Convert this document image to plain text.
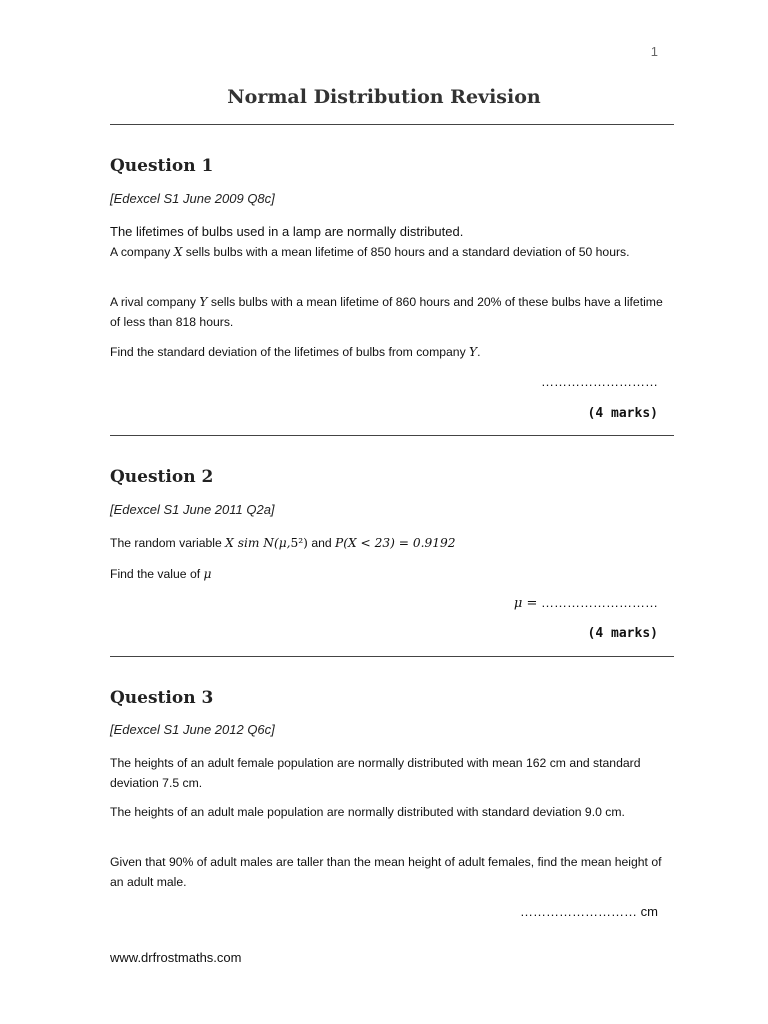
1
Normal Distribution Revision
Question 1
[Edexcel S1 June 2009 Q8c]
The lifetimes of bulbs used in a lamp are normally distributed.
A company X sells bulbs with a mean lifetime of 850 hours and a standard deviation of 50 hours.
A rival company Y sells bulbs with a mean lifetime of 860 hours and 20% of these bulbs have a lifetime of less than 818 hours.
Find the standard deviation of the lifetimes of bulbs from company Y.
………………………
(4 marks)
Question 2
[Edexcel S1 June 2011 Q2a]
The random variable X sim N(μ,5²) and P(X < 23) = 0.9192
Find the value of μ
μ = ………………………
(4 marks)
Question 3
[Edexcel S1 June 2012 Q6c]
The heights of an adult female population are normally distributed with mean 162 cm and standard deviation 7.5 cm.
The heights of an adult male population are normally distributed with standard deviation 9.0 cm.
Given that 90% of adult males are taller than the mean height of adult females, find the mean height of an adult male.
……………………… cm
www.drfrostmaths.com
